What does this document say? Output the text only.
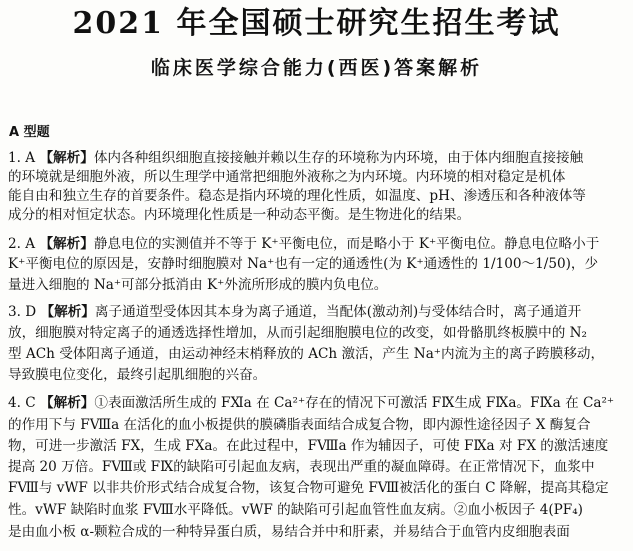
2021 年全国硕士研究生招生考试
临床医学综合能力(西医)答案解析
A 型题
1. A 【解析】体内各种组织细胞直接接触并赖以生存的环境称为内环境，由于体内细胞直接接触
的环境就是细胞外液，所以生理学中通常把细胞外液称之为内环境。内环境的相对稳定是机体
能自由和独立生存的首要条件。稳态是指内环境的理化性质，如温度、pH、渗透压和各种液体等
成分的相对恒定状态。内环境理化性质是一种动态平衡。是生物进化的结果。
2. A 【解析】静息电位的实测值并不等于 K⁺平衡电位，而是略小于 K⁺平衡电位。静息电位略小于
K⁺平衡电位的原因是，安静时细胞膜对 Na⁺也有一定的通透性(为 K⁺通透性的 1/100～1/50)，少
量进入细胞的 Na⁺可部分抵消由 K⁺外流所形成的膜内负电位。
3. D 【解析】离子通道型受体因其本身为离子通道，当配体(激动剂)与受体结合时，离子通道开
放，细胞膜对特定离子的通透选择性增加，从而引起细胞膜电位的改变，如骨骼肌终板膜中的 N₂
型 ACh 受体阳离子通道，由运动神经末梢释放的 ACh 激活，产生 Na⁺内流为主的离子跨膜移动，
导致膜电位变化，最终引起肌细胞的兴奋。
4. C 【解析】①表面激活所生成的 FⅪa 在 Ca²⁺存在的情况下可激活 FⅨ生成 FⅨa。FⅨa 在 Ca²⁺
的作用下与 FⅧa 在活化的血小板提供的膜磷脂表面结合成复合物，即内源性途径因子 X 酶复合
物，可进一步激活 FX，生成 FXa。在此过程中，FⅧa 作为辅因子，可使 FⅨa 对 FX 的激活速度
提高 20 万倍。FⅧ或 FⅨ的缺陷可引起血友病，表现出严重的凝血障碍。在正常情况下，血浆中
FⅧ与 vWF 以非共价形式结合成复合物，该复合物可避免 FⅧ被活化的蛋白 C 降解，提高其稳定
性。vWF 缺陷时血浆 FⅧ水平降低。vWF 的缺陷可引起血管性血友病。②血小板因子 4(PF₄)
是由血小板 α-颗粒合成的一种特异蛋白质，易结合并中和肝素，并易结合于血管内皮细胞表面
